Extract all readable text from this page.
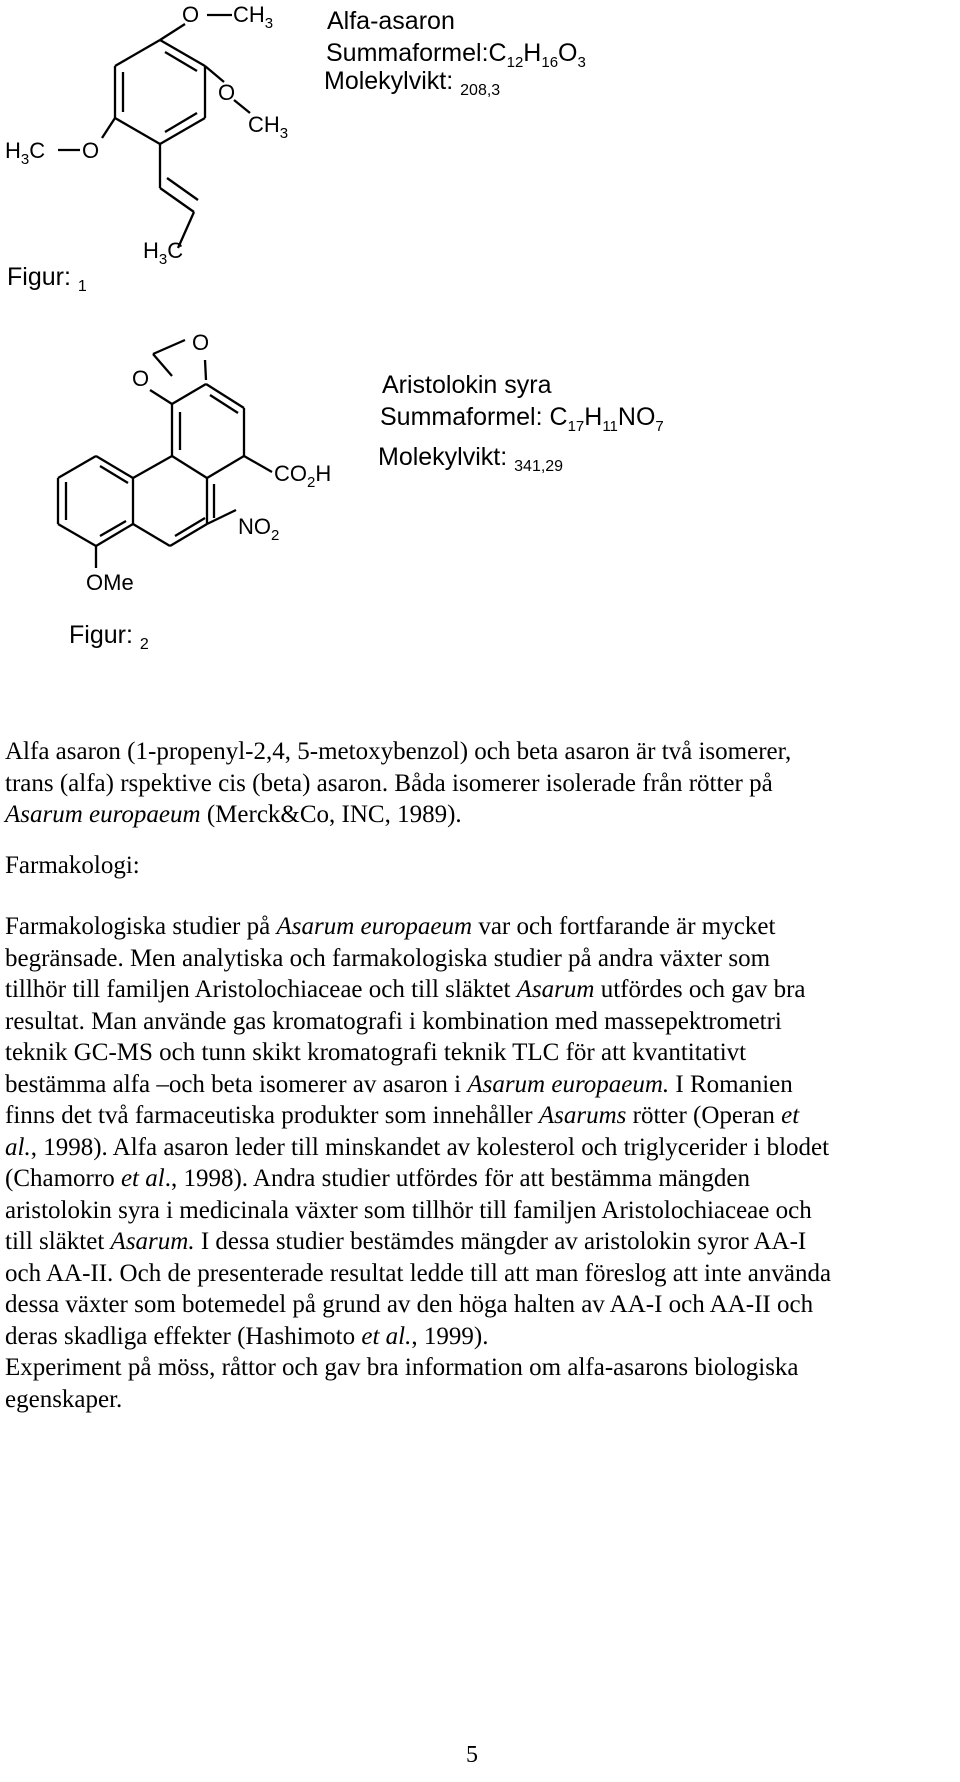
O $CH_3$
O
$CH_3$
$H_3C$ O
$H_3C$
Alfa-asaron
$Summaformel:C_{12}H_{16}O_3$
Molekylvikt: $_{208,3}$
Figur: $_1$
O
O
$CO_2H$
$NO_2$
OMe
Aristolokin syra
Summaformel: $C_{17}H_{11}NO_7$
Molekylvikt: $_{341,29}$
Figur: $_2$

Alfa asaron (1-propenyl-2,4, 5-metoxybenzol) och beta asaron är två isomerer, trans (alfa) rspektive cis (beta) asaron. Båda isomerer isolerade från rötter på Asarum europaeum (Merck&Co, INC, 1989).

Farmakologi:

Farmakologiska studier på Asarum europaeum var och fortfarande är mycket begränsade. Men analytiska och farmakologiska studier på andra växter som tillhör till familjen Aristolochiaceae och till släktet Asarum utfördes och gav bra resultat. Man använde gas kromatografi i kombination med massepektrometri teknik GC-MS och tunn skikt kromatografi teknik TLC för att kvantitativt bestämma alfa –och beta isomerer av asaron i Asarum europaeum. I Romanien finns det två farmaceutiska produkter som innehåller Asarums rötter (Operan et al., 1998). Alfa asaron leder till minskandet av kolesterol och triglycerider i blodet (Chamorro et al., 1998). Andra studier utfördes för att bestämma mängden aristolokin syra i medicinala växter som tillhör till familjen Aristolochiaceae och till släktet Asarum. I dessa studier bestämdes mängder av aristolokin syror AA-I och AA-II. Och de presenterade resultat ledde till att man föreslog att inte använda dessa växter som botemedel på grund av den höga halten av AA-I och AA-II och deras skadliga effekter (Hashimoto et al., 1999).

Experiment på möss, råttor och gav bra information om alfa-asarons biologiska egenskaper.

5
